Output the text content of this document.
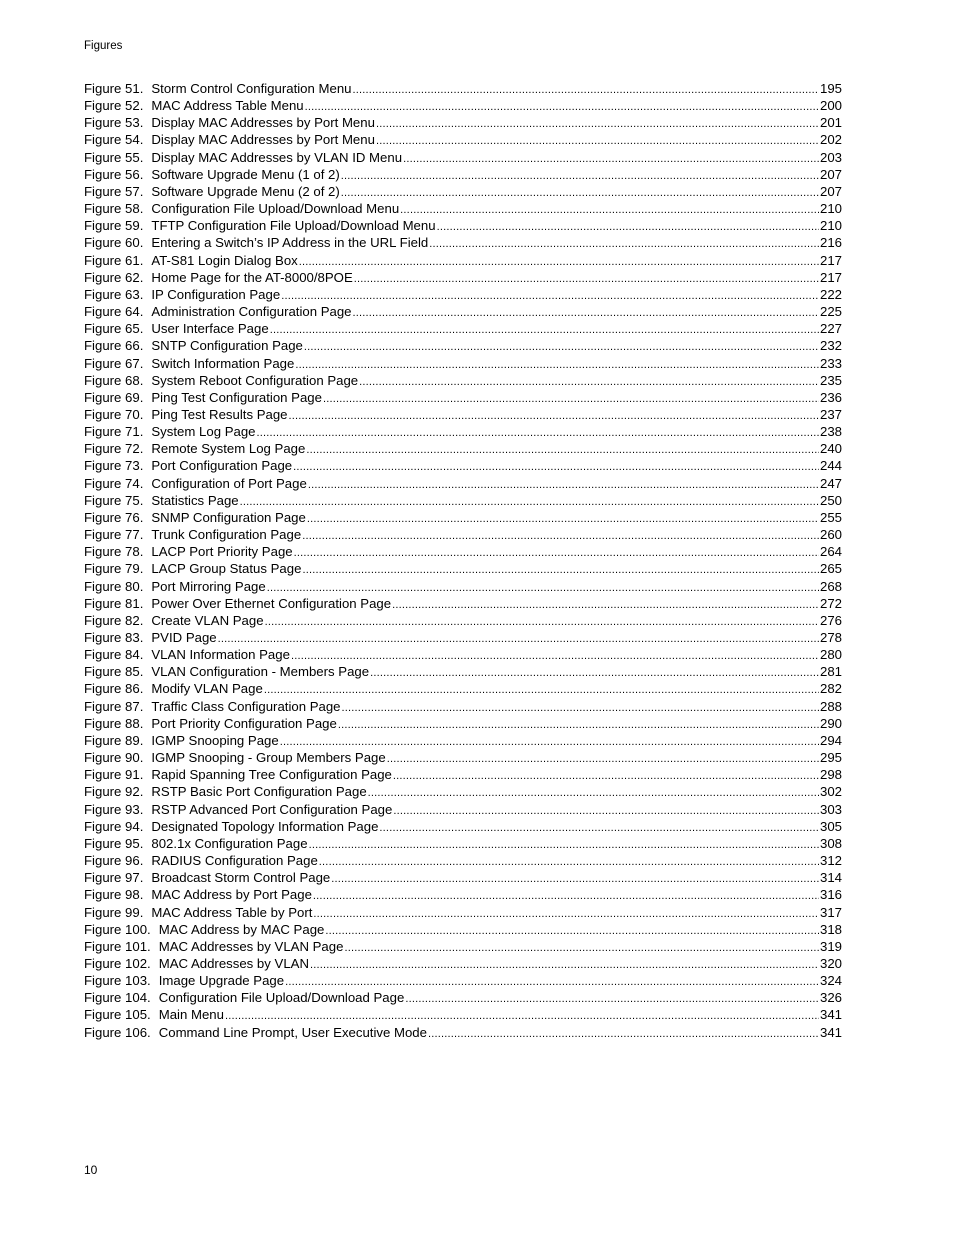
Figures
Figure 51. Storm Control Configuration Menu .....	195
Figure 52. MAC Address Table Menu .....	200
Figure 53. Display MAC Addresses by Port Menu .....	201
Figure 54. Display MAC Addresses by Port Menu .....	202
Figure 55. Display MAC Addresses by VLAN ID Menu .....	203
Figure 56. Software Upgrade Menu (1 of 2) .....	207
Figure 57. Software Upgrade Menu (2 of 2) .....	207
Figure 58. Configuration File Upload/Download Menu .....	210
Figure 59. TFTP Configuration File Upload/Download Menu .....	210
Figure 60. Entering a Switch’s IP Address in the URL Field .....	216
Figure 61. AT-S81 Login Dialog Box .....	217
Figure 62. Home Page for the AT-8000/8POE .....	217
Figure 63. IP Configuration Page .....	222
Figure 64. Administration Configuration Page .....	225
Figure 65. User Interface Page .....	227
Figure 66. SNTP Configuration Page .....	232
Figure 67. Switch Information Page .....	233
Figure 68. System Reboot Configuration Page .....	235
Figure 69. Ping Test Configuration Page .....	236
Figure 70. Ping Test Results Page .....	237
Figure 71. System Log Page .....	238
Figure 72. Remote System Log Page .....	240
Figure 73. Port Configuration Page .....	244
Figure 74. Configuration of Port Page .....	247
Figure 75. Statistics Page .....	250
Figure 76. SNMP Configuration Page .....	255
Figure 77. Trunk Configuration Page .....	260
Figure 78. LACP Port Priority Page .....	264
Figure 79. LACP Group Status Page .....	265
Figure 80. Port Mirroring Page .....	268
Figure 81. Power Over Ethernet Configuration Page .....	272
Figure 82. Create VLAN Page .....	276
Figure 83. PVID Page .....	278
Figure 84. VLAN Information Page .....	280
Figure 85. VLAN Configuration - Members Page .....	281
Figure 86. Modify VLAN Page .....	282
Figure 87. Traffic Class Configuration Page .....	288
Figure 88. Port Priority Configuration Page .....	290
Figure 89. IGMP Snooping Page .....	294
Figure 90. IGMP Snooping - Group Members Page .....	295
Figure 91. Rapid Spanning Tree Configuration Page .....	298
Figure 92. RSTP Basic Port Configuration Page .....	302
Figure 93. RSTP Advanced Port Configuration Page .....	303
Figure 94. Designated Topology Information Page .....	305
Figure 95. 802.1x Configuration Page .....	308
Figure 96. RADIUS Configuration Page .....	312
Figure 97. Broadcast Storm Control Page .....	314
Figure 98. MAC Address by Port Page .....	316
Figure 99. MAC Address Table by Port .....	317
Figure 100. MAC Address by MAC Page .....	318
Figure 101. MAC Addresses by VLAN Page .....	319
Figure 102. MAC Addresses by VLAN .....	320
Figure 103. Image Upgrade Page .....	324
Figure 104. Configuration File Upload/Download Page .....	326
Figure 105. Main Menu .....	341
Figure 106. Command Line Prompt, User Executive Mode .....	341
10
